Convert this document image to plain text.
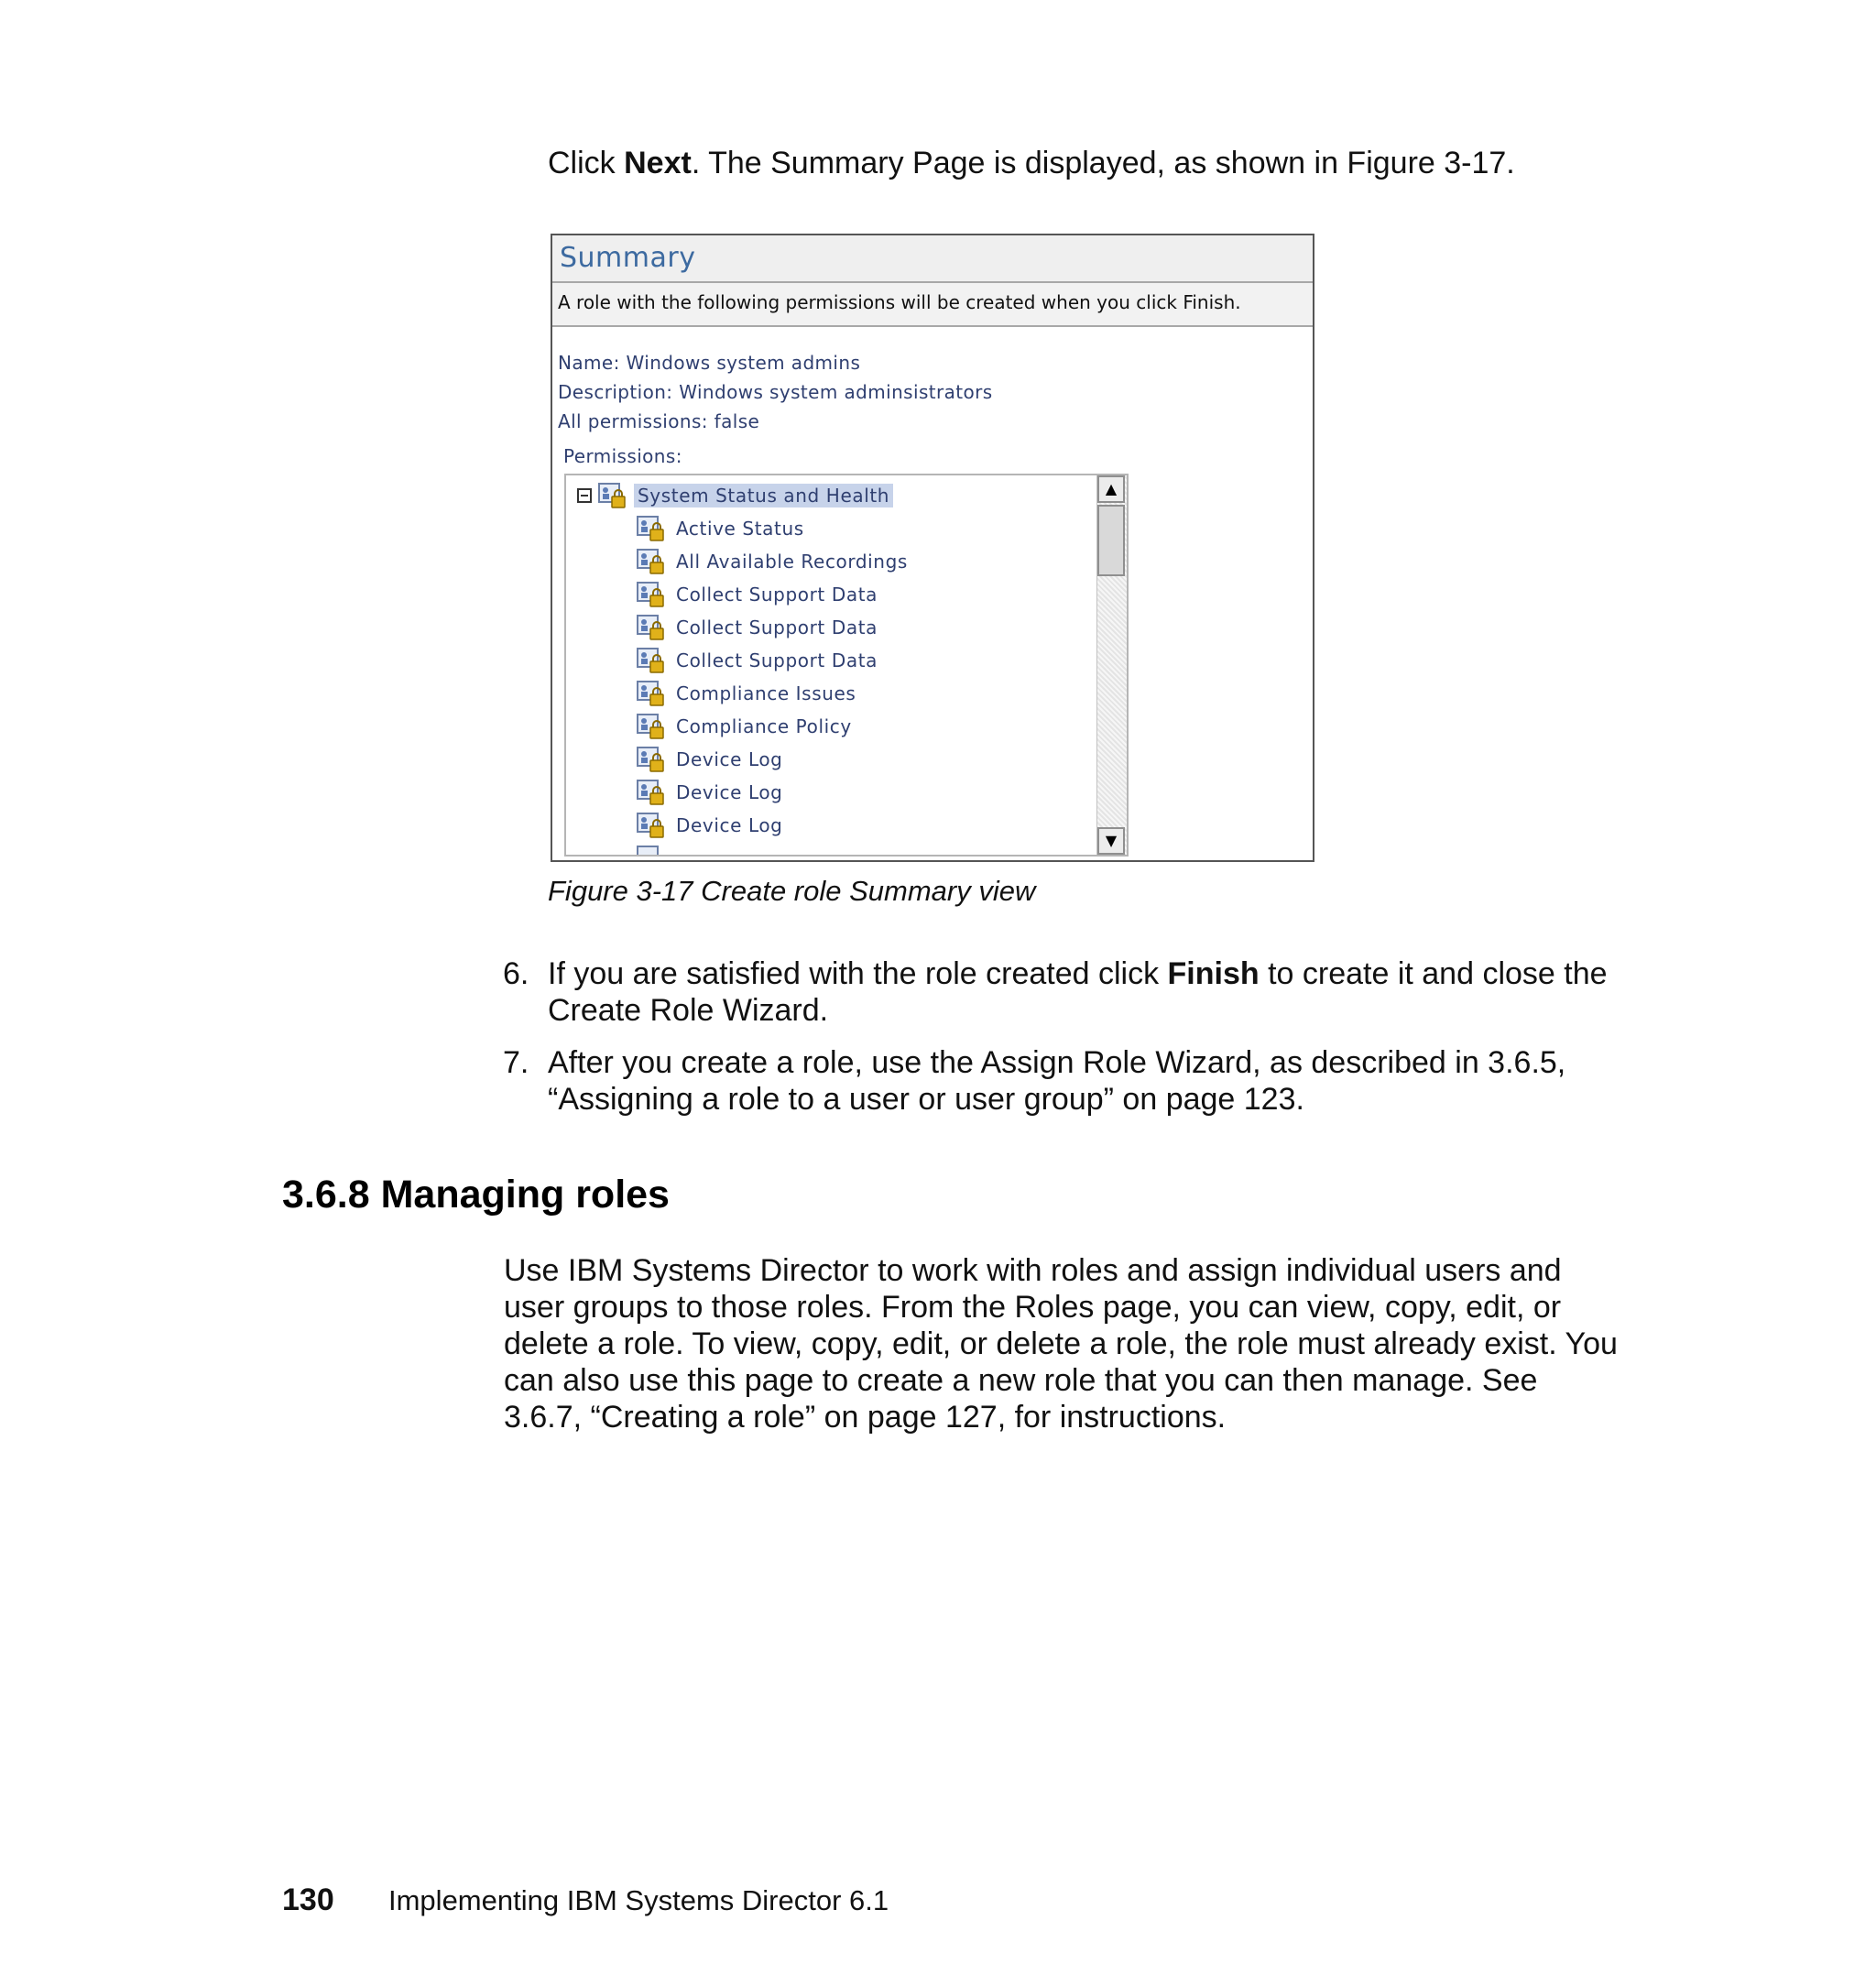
Click Next. The Summary Page is displayed, as shown in Figure 3-17.
Summary
A role with the following permissions will be created when you click Finish.
Name: Windows system admins
Description: Windows system adminsistrators
All permissions: false
Permissions:
System Status and Health
Active Status
All Available Recordings
Collect Support Data
Collect Support Data
Collect Support Data
Compliance Issues
Compliance Policy
Device Log
Device Log
Device Log
▲
▼
Figure 3-17 Create role Summary view
6. If you are satisfied with the role created click Finish to create it and close the Create Role Wizard.
7. After you create a role, use the Assign Role Wizard, as described in 3.6.5, “Assigning a role to a user or user group” on page 123.
3.6.8 Managing roles
Use IBM Systems Director to work with roles and assign individual users and user groups to those roles. From the Roles page, you can view, copy, edit, or delete a role. To view, copy, edit, or delete a role, the role must already exist. You can also use this page to create a new role that you can then manage. See 3.6.7, “Creating a role” on page 127, for instructions.
130 Implementing IBM Systems Director 6.1
